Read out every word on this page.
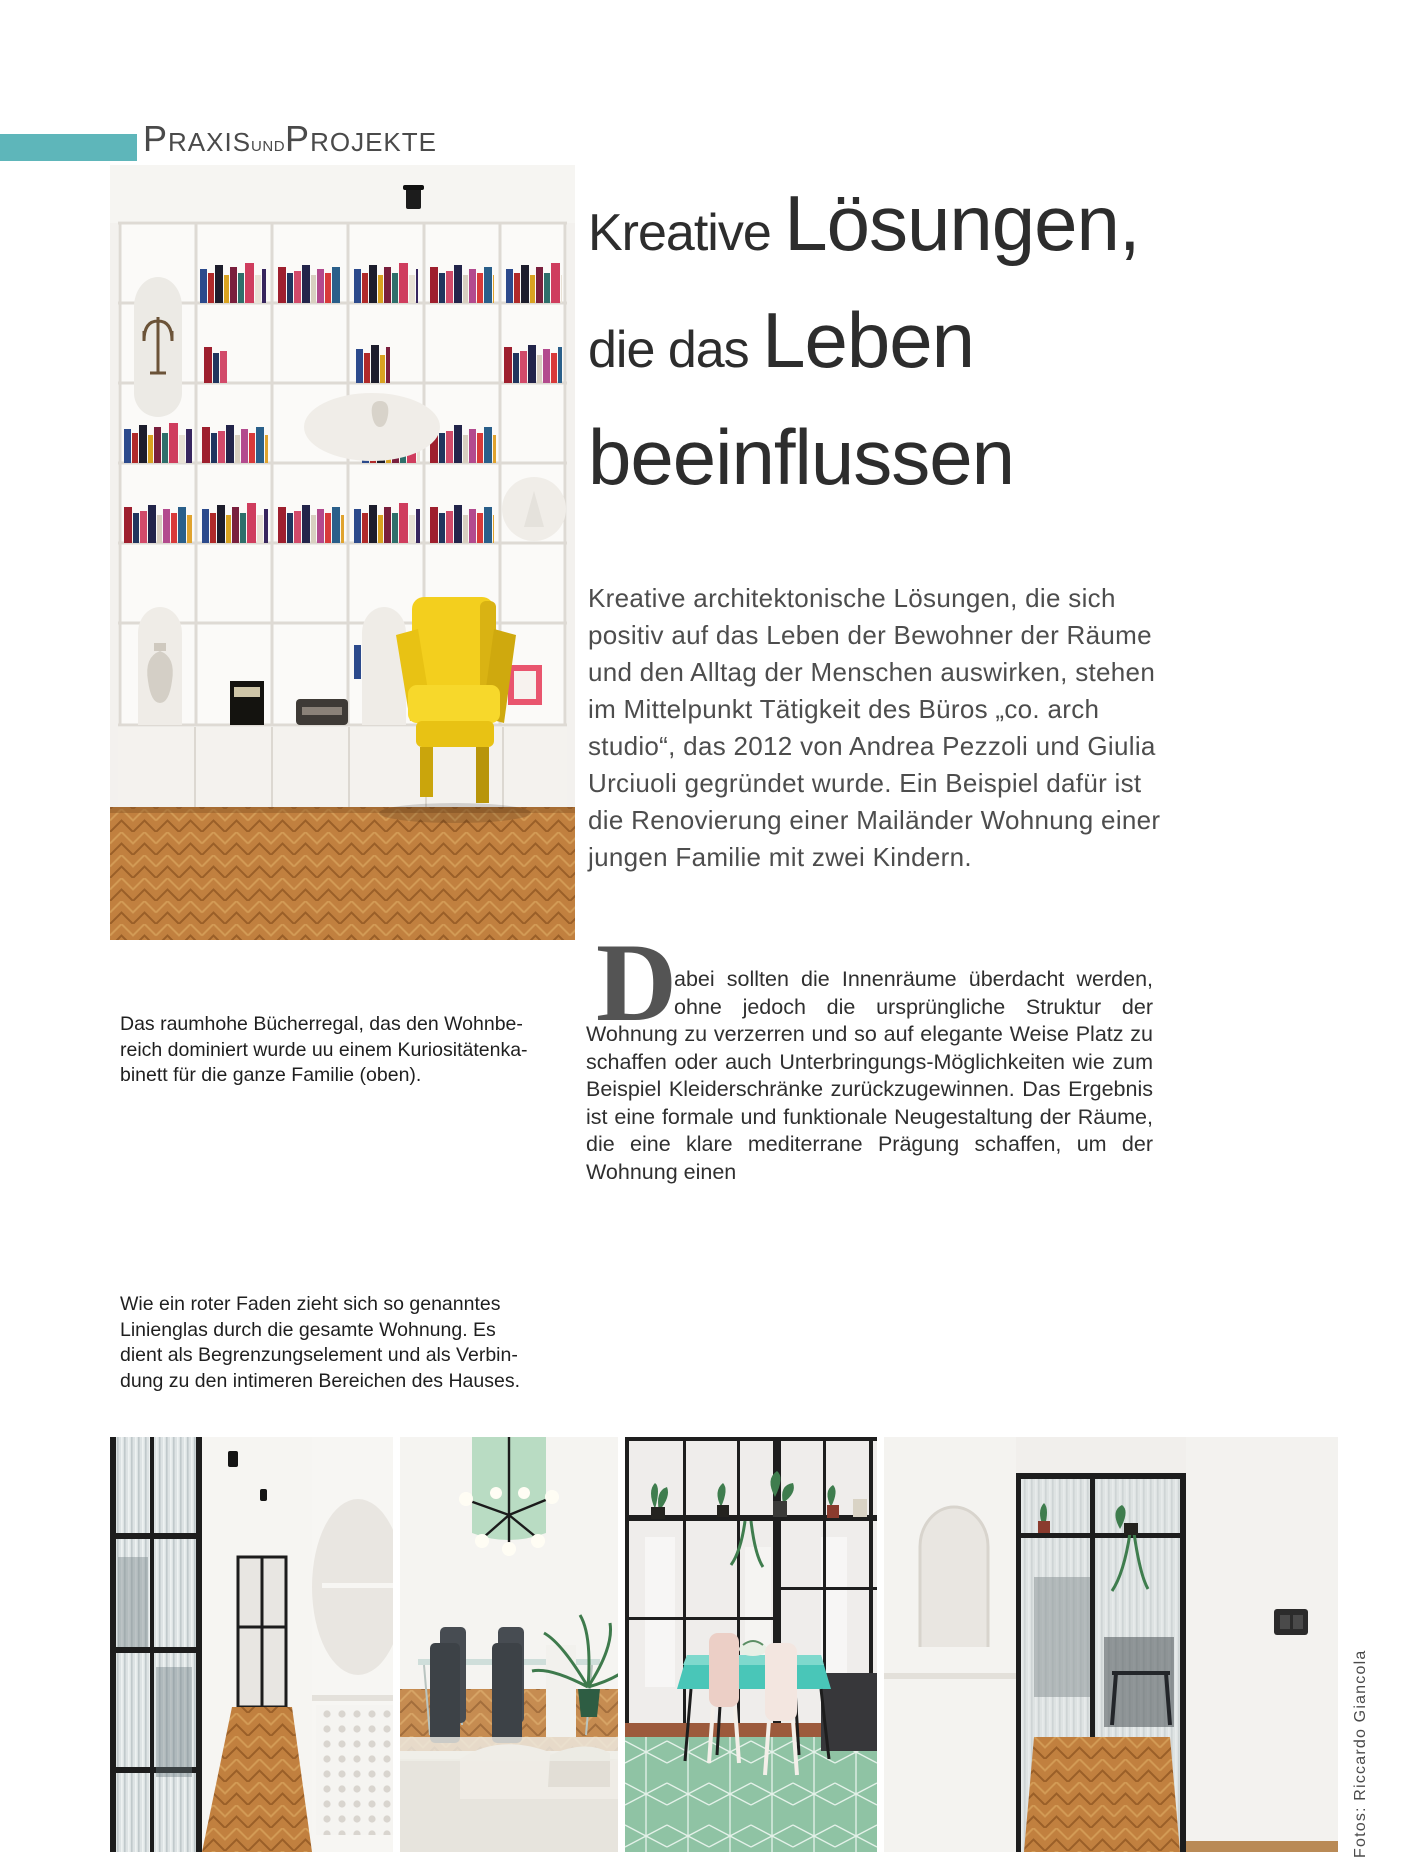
P RAXIS UND P ROJEKTE
Kreative Lösungen,
die das Leben
beeinflussen
Kreative architektonische Lösungen, die sich positiv auf das Leben der Bewohner der Räume und den Alltag der Menschen auswirken, stehen im Mittelpunkt Tätigkeit des Büros „co. arch studio“, das 2012 von Andrea Pezzoli und Giulia Urciuoli gegründet wurde. Ein Beispiel dafür ist die Renovierung einer Mailänder Wohnung einer jungen Familie mit zwei Kindern.
Das raumhohe Bücherregal, das den Wohnbe-
reich dominiert wurde uu einem Kuriositätenka-
binett für die ganze Familie (oben).
D
abei sollten die Innenräume überdacht werden, ohne jedoch die ursprüngliche Struktur der Wohnung zu verzerren und so auf elegante Weise Platz zu schaffen oder auch Unterbringungs-Möglichkeiten wie zum Beispiel Kleiderschränke zurückzugewinnen. Das Ergebnis ist eine formale und funktionale Neugestaltung der Räume, die eine klare mediterrane Prägung schaffen, um der Wohnung einen
Wie ein roter Faden zieht sich so genanntes
Linienglas durch die gesamte Wohnung. Es
dient als Begrenzungselement und als Verbin-
dung zu den intimeren Bereichen des Hauses.
Fotos: Riccardo Giancola
